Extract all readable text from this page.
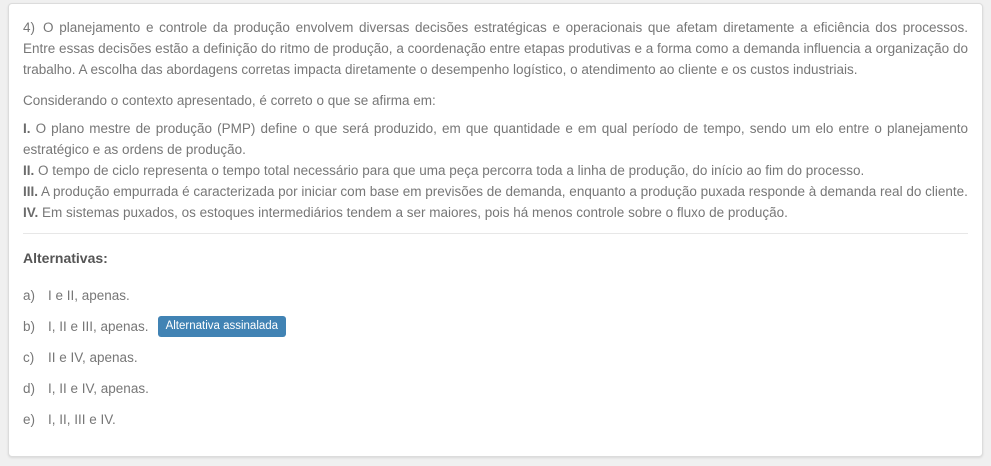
4) O planejamento e controle da produção envolvem diversas decisões estratégicas e operacionais que afetam diretamente a eficiência dos processos. Entre essas decisões estão a definição do ritmo de produção, a coordenação entre etapas produtivas e a forma como a demanda influencia a organização do trabalho. A escolha das abordagens corretas impacta diretamente o desempenho logístico, o atendimento ao cliente e os custos industriais.

Considerando o contexto apresentado, é correto o que se afirma em:

I. O plano mestre de produção (PMP) define o que será produzido, em que quantidade e em qual período de tempo, sendo um elo entre o planejamento estratégico e as ordens de produção.

II. O tempo de ciclo representa o tempo total necessário para que uma peça percorra toda a linha de produção, do início ao fim do processo.

III. A produção empurrada é caracterizada por iniciar com base em previsões de demanda, enquanto a produção puxada responde à demanda real do cliente.

IV. Em sistemas puxados, os estoques intermediários tendem a ser maiores, pois há menos controle sobre o fluxo de produção.

Alternativas:
a) I e II, apenas.
b) I, II e III, apenas.	Alternativa assinalada
c)	II e IV, apenas.
d) I, II e IV, apenas.
e) I, II, III e IV.
